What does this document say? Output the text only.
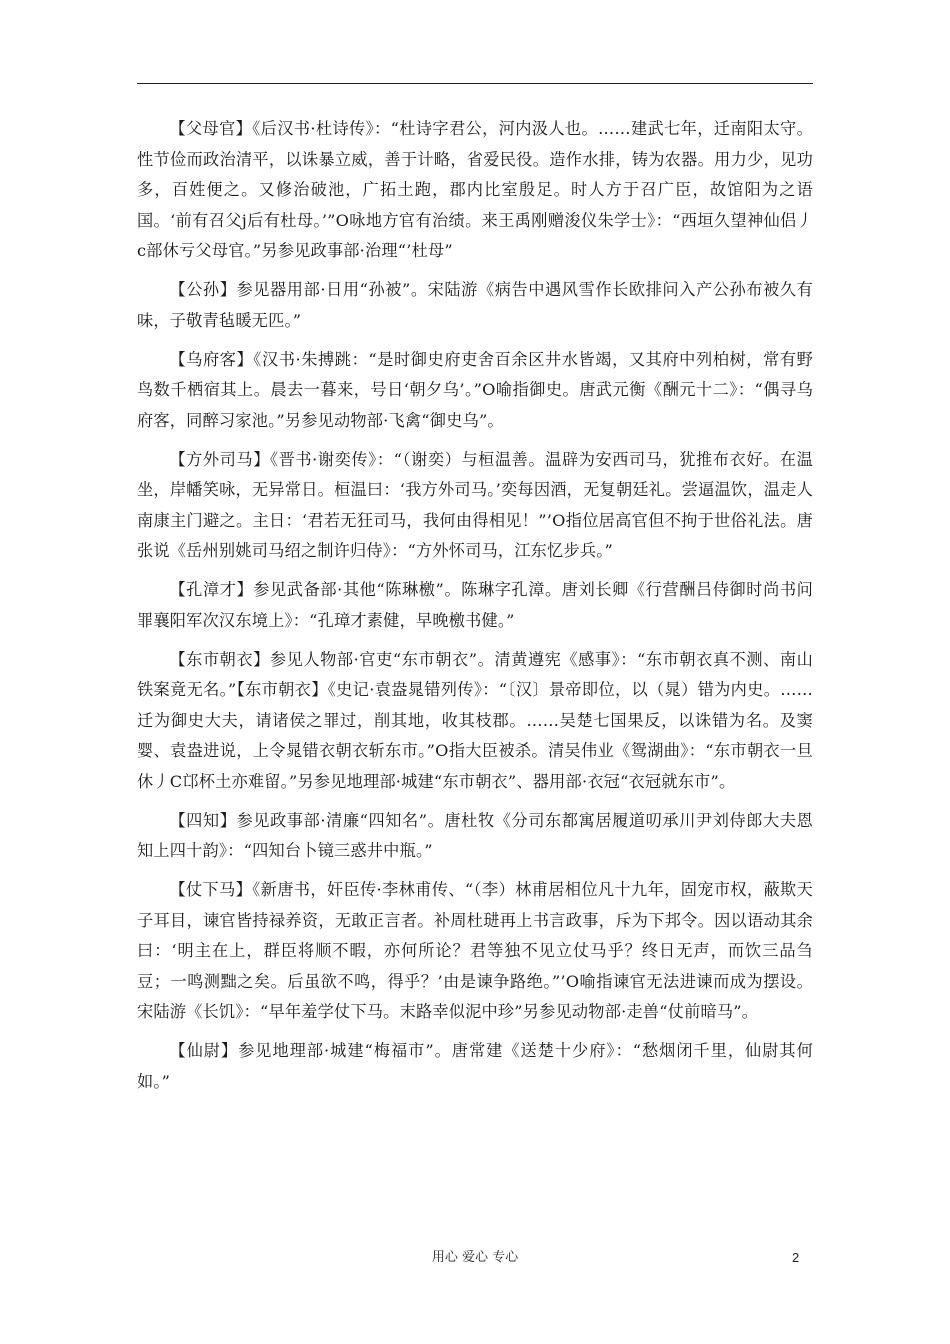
【父母官】《后汉书·杜诗传》：“杜诗字君公，河内汲人也。……建武七年，迁南阳太守。性节俭而政治清平，以诛暴立威，善于计略，省爱民役。造作水排，铸为农器。用力少，见功多，百姓便之。又修治破池，广拓土跑，郡内比室殷足。时人方于召广臣，故馆阳为之语国。‘前有召父j后有杜母。’”O咏地方官有治绩。来王禹刚赠浚仪朱学士》：“西垣久望神仙侣丿c部休亏父母官。”另参见政事部·治理“’杜母”

【公孙】参见器用部·日用“孙被”。宋陆游《病告中遇风雪作长欧排问入产公孙布被久有味，子敬青毡暖无匹。”

【乌府客】《汉书·朱搏跳：“是时御史府吏舍百余区井水皆竭，又其府中列柏树，常有野鸟数千栖宿其上。晨去一暮来，号日‘朝夕乌’。”O喻指御史。唐武元衡《酬元十二》：“偶寻乌府客，同醉习家池。”另参见动物部·飞禽“御史乌”。

【方外司马】《晋书·谢奕传》：“（谢奕）与桓温善。温辟为安西司马，犹推布衣好。在温坐，岸幡笑咏，无异常日。桓温曰：‘我方外司马。’奕每因酒，无复朝廷礼。尝逼温饮，温走人南康主门避之。主日：‘君若无狂司马，我何由得相见！”’O指位居高官但不拘于世俗礼法。唐张说《岳州别姚司马绍之制许归侍》：“方外怀司马，江东忆步兵。”

【孔漳才】参见武备部·其他“陈琳檄”。陈琳字孔漳。唐刘长卿《行营酬吕侍御时尚书问罪襄阳军次汉东境上》：“孔璋才素健，早晚檄书健。”

【东市朝衣】参见人物部·官吏“东市朝衣”。清黄遵宪《感事》：“东市朝衣真不测、南山铁案竟无名。”【东市朝衣】《史记·袁盎晁错列传》：“〔汉〕景帝即位，以（晁）错为内史。……迁为御史大夫，请诸侯之罪过，削其地，收其枝郡。……吴楚七国果反，以诛错为名。及窦婴、袁盎进说，上令晁错衣朝衣斩东市。”O指大臣被杀。清吴伟业《鸳湖曲》：“东市朝衣一旦休丿C邙杯土亦难留。”另参见地理部·城建“东市朝衣”、器用部·衣冠“衣冠就东市”。

【四知】参见政事部·清廉“四知名”。唐杜牧《分司东都寓居履道叨承川尹刘侍郎大夫恩知上四十韵》：“四知台卜镜三惑井中瓶。”

【仗下马】《新唐书，奸臣传·李林甫传、“（李）林甫居相位凡十九年，固宠市权，蔽欺天子耳目，谏官皆持禄养资，无敢正言者。补周杜琎再上书言政事，斥为下邦令。因以语动其余曰：‘明主在上，群臣将顺不暇，亦何所论？君等独不见立仗马乎？终日无声，而饮三品刍豆；一鸣测黜之矣。后虽欲不鸣，得乎？’由是谏争路绝。”’O喻指谏官无法进谏而成为摆设。宋陆游《长饥》：“早年羞学仗下马。末路幸似泥中珍”另参见动物部·走兽“仗前暗马”。

【仙尉】参见地理部·城建“梅福市”。唐常建《送楚十少府》：“愁烟闭千里，仙尉其何如。”

用心 爱心 专心	2
